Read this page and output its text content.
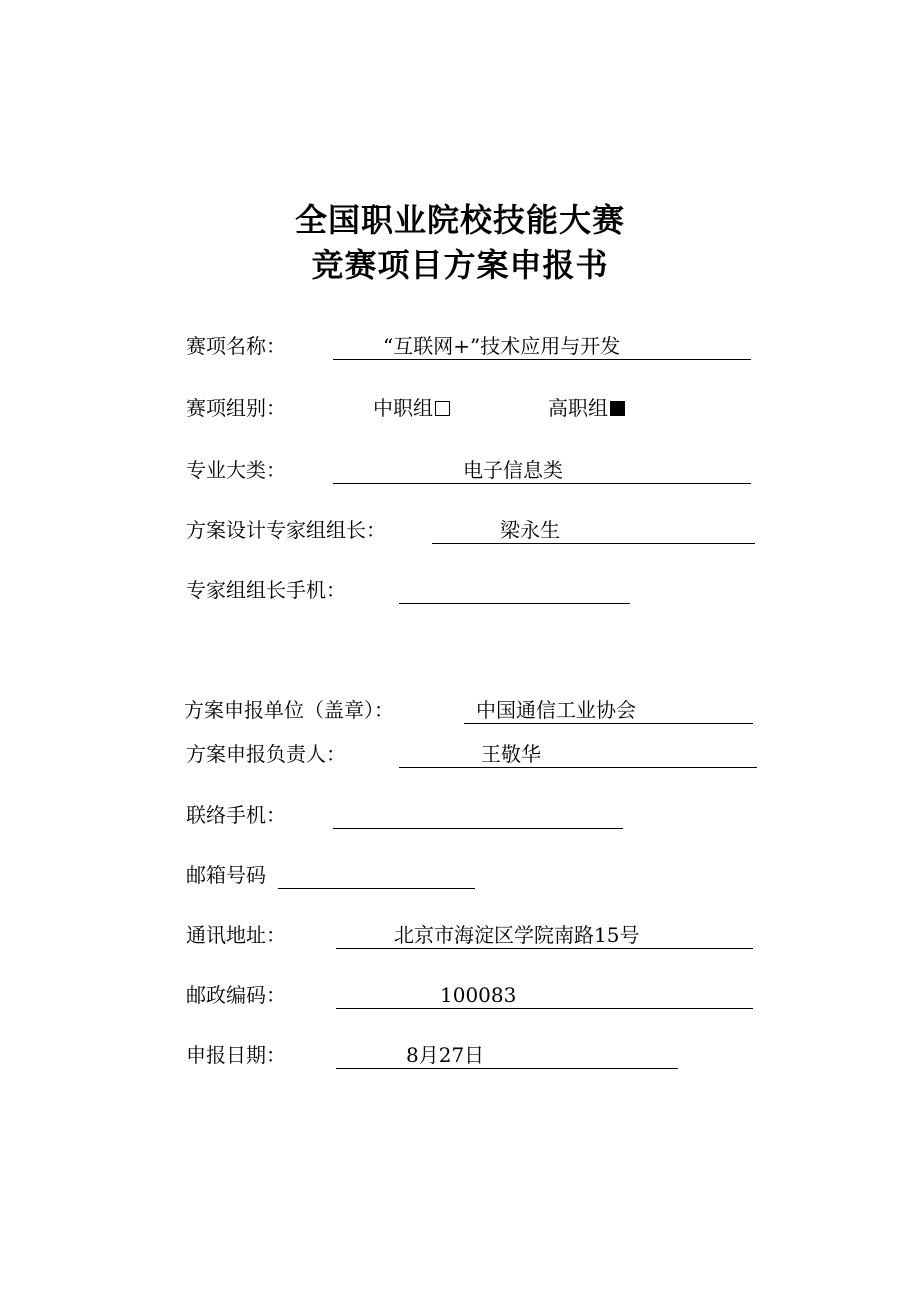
全国职业院校技能大赛
竞赛项目方案申报书
赛项名称：	“互联网+”技术应用与开发
赛项组别：	中职组	高职组
专业大类：	电子信息类
方案设计专家组组长：	梁永生
专家组组长手机：
方案申报单位（盖章）：	中国通信工业协会
方案申报负责人：	王敬华
联络手机：
邮箱号码
通讯地址：	北京市海淀区学院南路15号
邮政编码：	100083
申报日期：	8月27日
